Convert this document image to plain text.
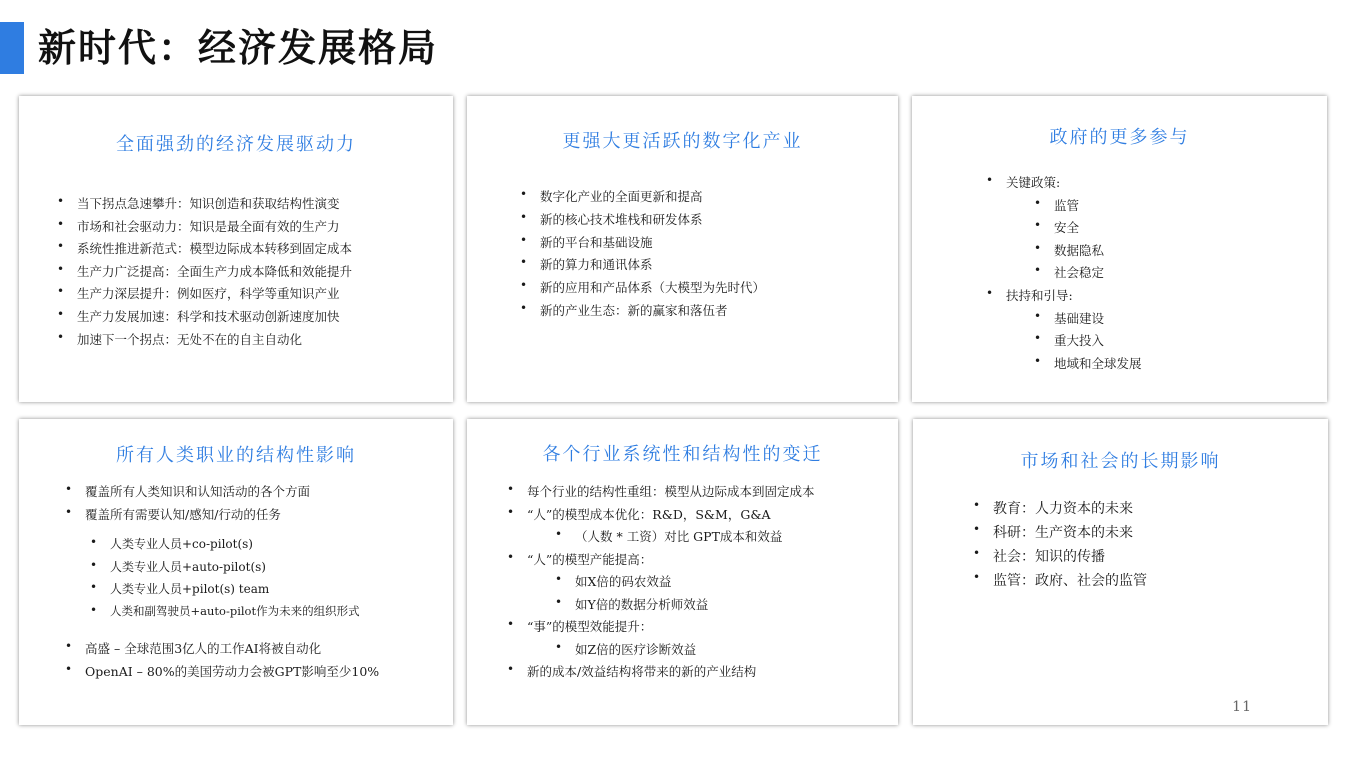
新时代：经济发展格局
全面强劲的经济发展驱动力
• 当下拐点急速攀升：知识创造和获取结构性演变
• 市场和社会驱动力：知识是最全面有效的生产力
• 系统性推进新范式：模型边际成本转移到固定成本
• 生产力广泛提高：全面生产力成本降低和效能提升
• 生产力深层提升：例如医疗，科学等重知识产业
• 生产力发展加速：科学和技术驱动创新速度加快
• 加速下一个拐点：无处不在的自主自动化
更强大更活跃的数字化产业
• 数字化产业的全面更新和提高
• 新的核心技术堆栈和研发体系
• 新的平台和基础设施
• 新的算力和通讯体系
• 新的应用和产品体系（大模型为先时代）
• 新的产业生态：新的赢家和落伍者
政府的更多参与
• 关键政策:
• 监管
• 安全
• 数据隐私
• 社会稳定
• 扶持和引导:
• 基础建设
• 重大投入
• 地域和全球发展
所有人类职业的结构性影响
• 覆盖所有人类知识和认知活动的各个方面
• 覆盖所有需要认知/感知/行动的任务
• 人类专业人员+co-pilot(s)
• 人类专业人员+auto-pilot(s)
• 人类专业人员+pilot(s) team
• 人类和副驾驶员+auto-pilot作为未来的组织形式
• 高盛 – 全球范围3亿人的工作AI将被自动化
• OpenAI – 80%的美国劳动力会被GPT影响至少10%
各个行业系统性和结构性的变迁
• 每个行业的结构性重组：模型从边际成本到固定成本
• “人”的模型成本优化：R&D，S&M，G&A
• （人数 * 工资）对比 GPT成本和效益
• “人”的模型产能提高：
• 如X倍的码农效益
• 如Y倍的数据分析师效益
• “事”的模型效能提升：
• 如Z倍的医疗诊断效益
• 新的成本/效益结构将带来的新的产业结构
市场和社会的长期影响
• 教育：人力资本的未来
• 科研：生产资本的未来
• 社会：知识的传播
• 监管：政府、社会的监管
11
